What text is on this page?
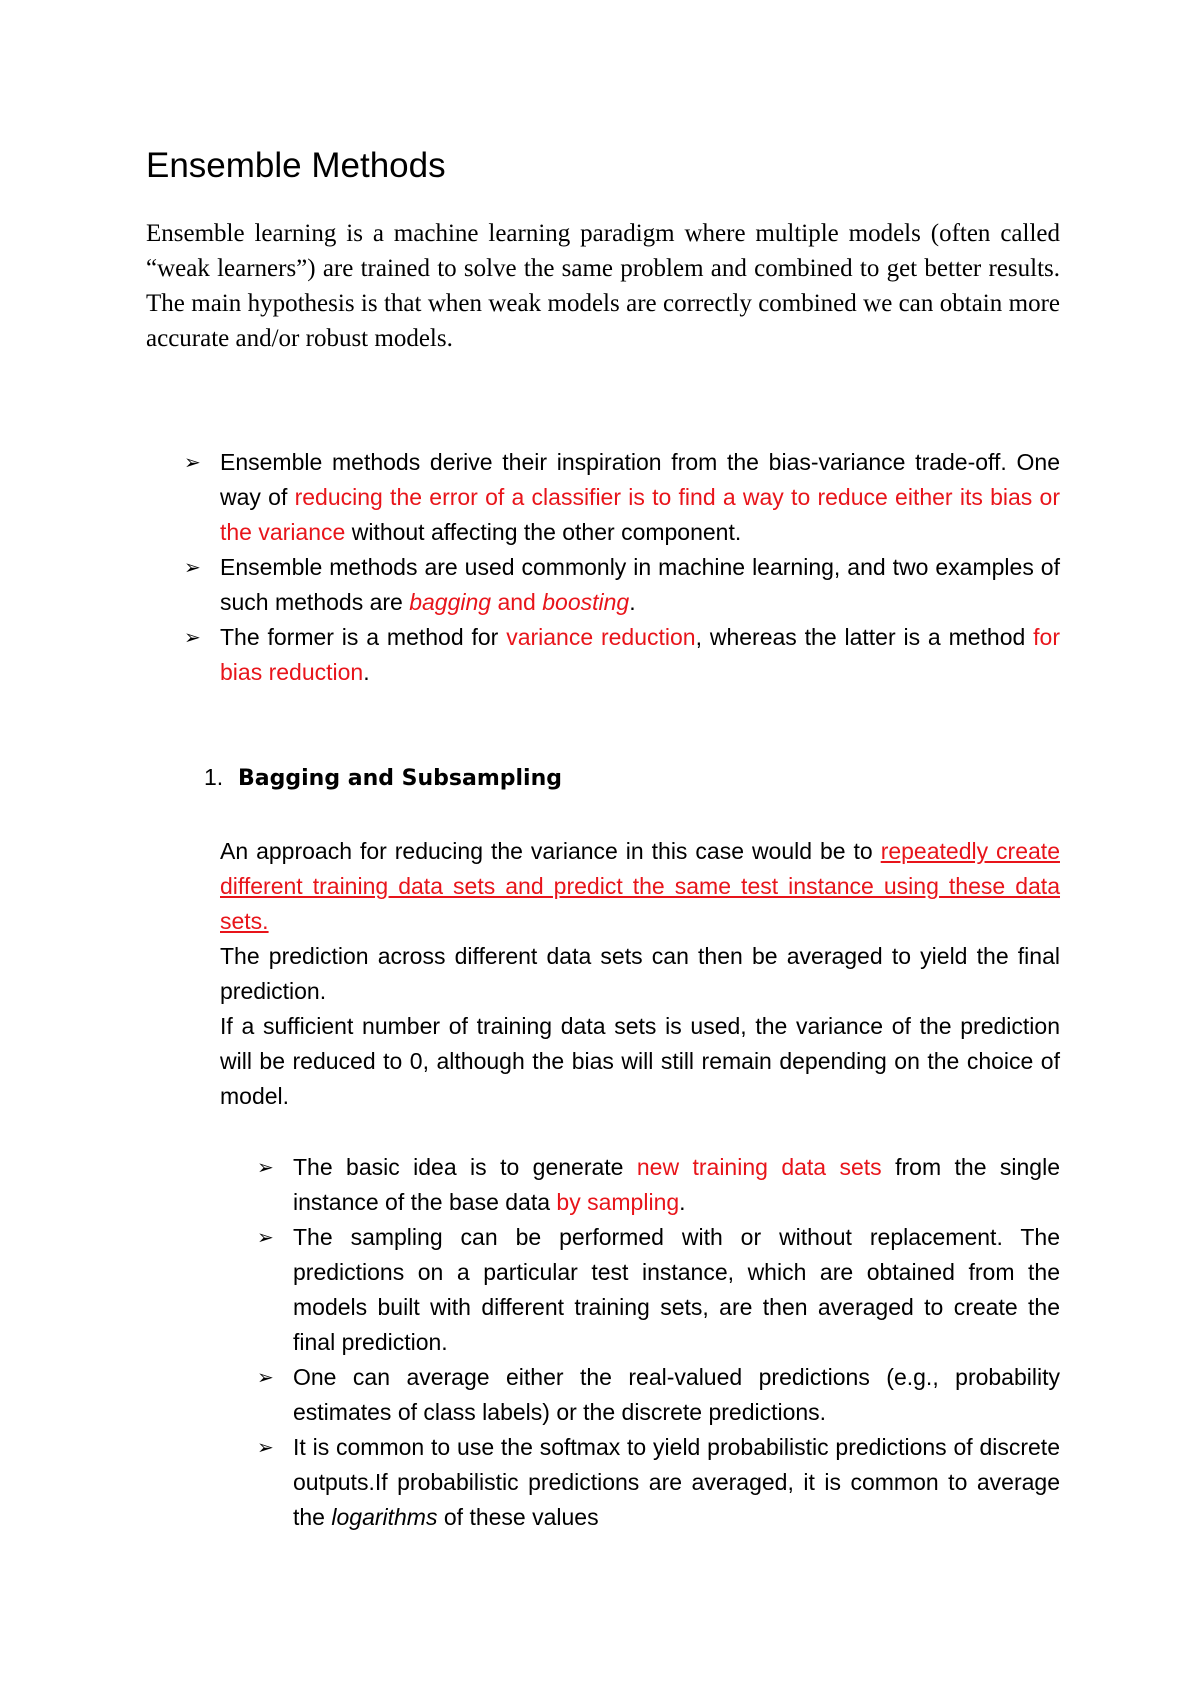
Ensemble Methods

Ensemble learning is a machine learning paradigm where multiple models (often called “weak learners”) are trained to solve the same problem and combined to get better results. The main hypothesis is that when weak models are correctly combined we can obtain more accurate and/or robust models.

➢ Ensemble methods derive their inspiration from the bias-variance trade-off. One way of reducing the error of a classifier is to find a way to reduce either its bias or the variance without affecting the other component.
➢ Ensemble methods are used commonly in machine learning, and two examples of such methods are bagging and boosting.
➢ The former is a method for variance reduction, whereas the latter is a method for bias reduction.
1. Bagging and Subsampling

An approach for reducing the variance in this case would be to repeatedly create different training data sets and predict the same test instance using these data sets.

The prediction across different data sets can then be averaged to yield the final prediction.

If a sufficient number of training data sets is used, the variance of the prediction will be reduced to 0, although the bias will still remain depending on the choice of model.

➢ The basic idea is to generate new training data sets from the single instance of the base data by sampling.
➢ The sampling can be performed with or without replacement. The predictions on a particular test instance, which are obtained from the models built with different training sets, are then averaged to create the final prediction.
➢ One can average either the real-valued predictions (e.g., probability estimates of class labels) or the discrete predictions.
➢ It is common to use the softmax to yield probabilistic predictions of discrete outputs.If probabilistic predictions are averaged, it is common to average the logarithms of these values
